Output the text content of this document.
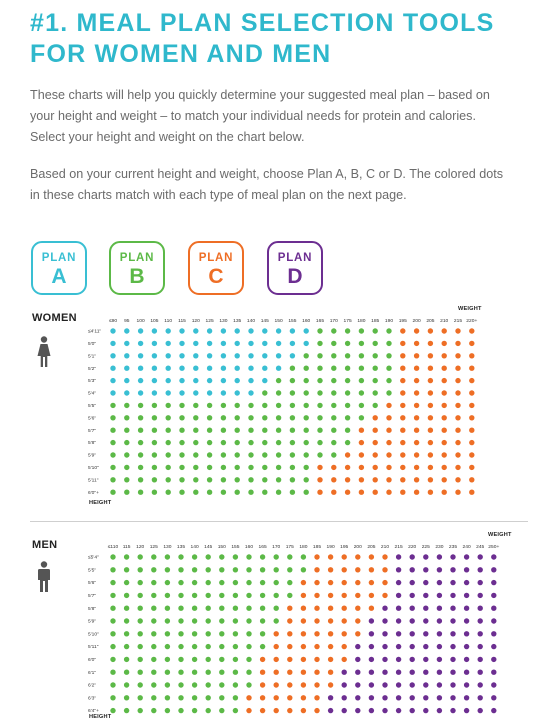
#1. MEAL PLAN SELECTION TOOLS FOR WOMEN AND MEN

These charts will help you quickly determine your suggested meal plan – based on your height and weight – to match your individual needs for protein and calories. Select your height and weight on the chart below.

Based on your current height and weight, choose Plan A, B, C or D. The colored dots in these charts match with each type of meal plan on the next page.

PLAN
A
PLAN
B
PLAN
C
PLAN
D
WOMEN
WEIGHT
HEIGHT
≤90 95 100 105 110 115 120 125 130 135 140 145 150 155 160 165 170 175 180 185 190 195 200 205 210 215 220+
≤4'11"
5'0"
5'1"
5'2"
5'3"
5'4"
5'5"
5'6"
5'7"
5'8"
5'9"
5'10"
5'11"
6'0"+
MEN
WEIGHT
HEIGHT
≤110 115 120 125 130 135 140 145 150 155 160 165 170 175 180 185 190 195 200 205 210 215 220 225 230 235 240 245 250+
≤5'4"
5'5"
5'6"
5'7"
5'8"
5'9"
5'10"
5'11"
6'0"
6'1"
6'2"
6'3"
6'4"+
